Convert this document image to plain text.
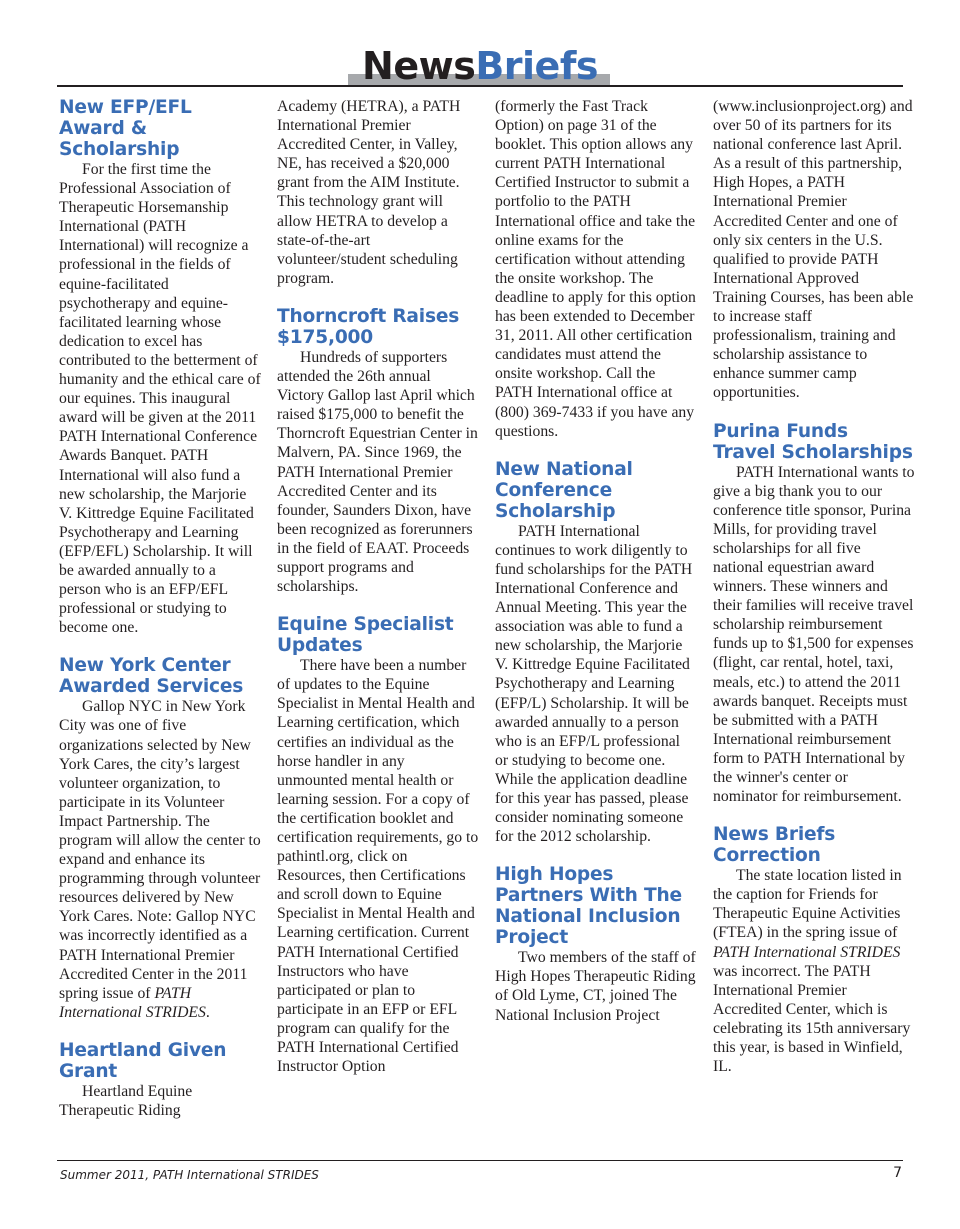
NewsBriefs
New EFP/EFL Award & Scholarship

For the first time the Professional Association of Therapeutic Horsemanship International (PATH International) will recognize a professional in the fields of equine-facilitated psychotherapy and equine-facilitated learning whose dedication to excel has contributed to the betterment of humanity and the ethical care of our equines. This inaugural award will be given at the 2011 PATH International Conference Awards Banquet. PATH International will also fund a new scholarship, the Marjorie V. Kittredge Equine Facilitated Psychotherapy and Learning (EFP/EFL) Scholarship. It will be awarded annually to a person who is an EFP/EFL professional or studying to become one.

New York Center Awarded Services

Gallop NYC in New York City was one of five organizations selected by New York Cares, the city’s largest volunteer organization, to participate in its Volunteer Impact Partnership. The program will allow the center to expand and enhance its programming through volunteer resources delivered by New York Cares. Note: Gallop NYC was incorrectly identified as a PATH International Premier Accredited Center in the 2011 spring issue of PATH International STRIDES.

Heartland Given Grant

Heartland Equine Therapeutic Riding

Academy (HETRA), a PATH International Premier Accredited Center, in Valley, NE, has received a $20,000 grant from the AIM Institute. This technology grant will allow HETRA to develop a state-of-the-art volunteer/student scheduling program.

Thorncroft Raises $175,000

Hundreds of supporters attended the 26th annual Victory Gallop last April which raised $175,000 to benefit the Thorncroft Equestrian Center in Malvern, PA. Since 1969, the PATH International Premier Accredited Center and its founder, Saunders Dixon, have been recognized as forerunners in the field of EAAT. Proceeds support programs and scholarships.

Equine Specialist Updates

There have been a number of updates to the Equine Specialist in Mental Health and Learning certification, which certifies an individual as the horse handler in any unmounted mental health or learning session. For a copy of the certification booklet and certification requirements, go to pathintl.org, click on Resources, then Certifications and scroll down to Equine Specialist in Mental Health and Learning certification. Current PATH International Certified Instructors who have participated or plan to participate in an EFP or EFL program can qualify for the PATH International Certified Instructor Option

(formerly the Fast Track Option) on page 31 of the booklet. This option allows any current PATH International Certified Instructor to submit a portfolio to the PATH International office and take the online exams for the certification without attending the onsite workshop. The deadline to apply for this option has been extended to December 31, 2011. All other certification candidates must attend the onsite workshop. Call the PATH International office at (800) 369-7433 if you have any questions.

New National Conference Scholarship

PATH International continues to work diligently to fund scholarships for the PATH International Conference and Annual Meeting. This year the association was able to fund a new scholarship, the Marjorie V. Kittredge Equine Facilitated Psychotherapy and Learning (EFP/L) Scholarship. It will be awarded annually to a person who is an EFP/L professional or studying to become one. While the application deadline for this year has passed, please consider nominating someone for the 2012 scholarship.

High Hopes Partners With The National Inclusion Project

Two members of the staff of High Hopes Therapeutic Riding of Old Lyme, CT, joined The National Inclusion Project

(www.inclusionproject.org) and over 50 of its partners for its national conference last April. As a result of this partnership, High Hopes, a PATH International Premier Accredited Center and one of only six centers in the U.S. qualified to provide PATH International Approved Training Courses, has been able to increase staff professionalism, training and scholarship assistance to enhance summer camp opportunities.

Purina Funds Travel Scholarships

PATH International wants to give a big thank you to our conference title sponsor, Purina Mills, for providing travel scholarships for all five national equestrian award winners. These winners and their families will receive travel scholarship reimbursement funds up to $1,500 for expenses (flight, car rental, hotel, taxi, meals, etc.) to attend the 2011 awards banquet. Receipts must be submitted with a PATH International reimbursement form to PATH International by the winner's center or nominator for reimbursement.

News Briefs Correction

The state location listed in the caption for Friends for Therapeutic Equine Activities (FTEA) in the spring issue of PATH International STRIDES was incorrect. The PATH International Premier Accredited Center, which is celebrating its 15th anniversary this year, is based in Winfield, IL.

Summer 2011, PATH International STRIDES	7
